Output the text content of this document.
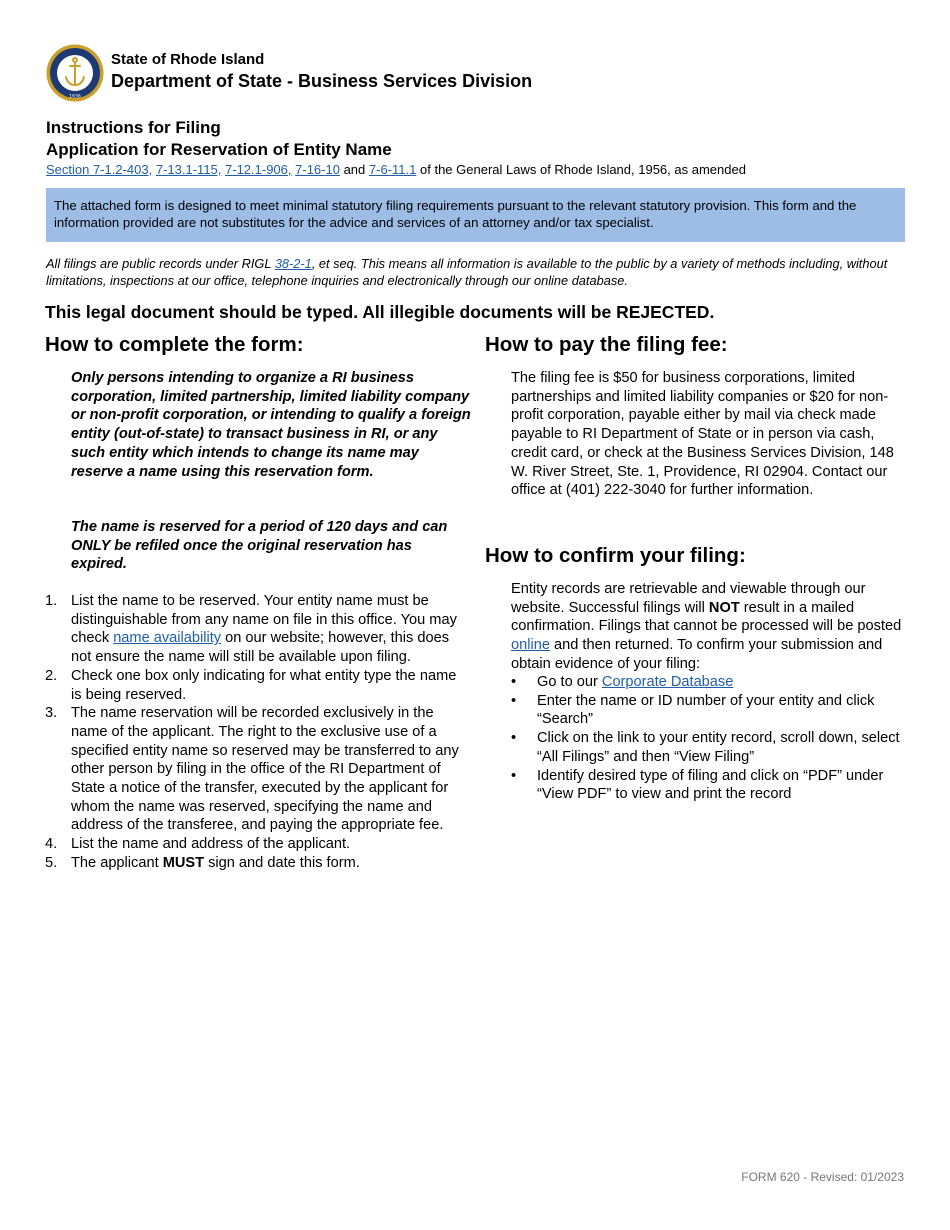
1636
State of Rhode Island
Department of State - Business Services Division
Instructions for Filing
Application for Reservation of Entity Name
Section 7-1.2-403, 7-13.1-115, 7-12.1-906, 7-16-10 and 7-6-11.1 of the General Laws of Rhode Island, 1956, as amended
The attached form is designed to meet minimal statutory filing requirements pursuant to the relevant statutory provision. This form and the information provided are not substitutes for the advice and services of an attorney and/or tax specialist.
All filings are public records under RIGL 38-2-1, et seq. This means all information is available to the public by a variety of methods including, without limitations, inspections at our office, telephone inquiries and electronically through our online database.
This legal document should be typed. All illegible documents will be REJECTED.
How to complete the form:
Only persons intending to organize a RI business corporation, limited partnership, limited liability company or non-profit corporation, or intending to qualify a foreign entity (out-of-state) to transact business in RI, or any such entity which intends to change its name may reserve a name using this reservation form.
The name is reserved for a period of 120 days and can ONLY be refiled once the original reservation has expired.
1. List the name to be reserved. Your entity name must be distinguishable from any name on file in this office. You may check name availability on our website; however, this does not ensure the name will still be available upon filing.
2. Check one box only indicating for what entity type the name is being reserved.
3. The name reservation will be recorded exclusively in the name of the applicant. The right to the exclusive use of a specified entity name so reserved may be transferred to any other person by filing in the office of the RI Department of State a notice of the transfer, executed by the applicant for whom the name was reserved, specifying the name and address of the transferee, and paying the appropriate fee.
4. List the name and address of the applicant.
5. The applicant MUST sign and date this form.
How to pay the filing fee:
The filing fee is $50 for business corporations, limited partnerships and limited liability companies or $20 for non-profit corporation, payable either by mail via check made payable to RI Department of State or in person via cash, credit card, or check at the Business Services Division, 148 W. River Street, Ste. 1, Providence, RI 02904. Contact our office at (401) 222-3040 for further information.
How to confirm your filing:
Entity records are retrievable and viewable through our website. Successful filings will NOT result in a mailed confirmation. Filings that cannot be processed will be posted online and then returned. To confirm your submission and obtain evidence of your filing:
• Go to our Corporate Database
• Enter the name or ID number of your entity and click “Search”
• Click on the link to your entity record, scroll down, select “All Filings” and then “View Filing”
• Identify desired type of filing and click on “PDF” under “View PDF” to view and print the record
FORM 620 - Revised: 01/2023
